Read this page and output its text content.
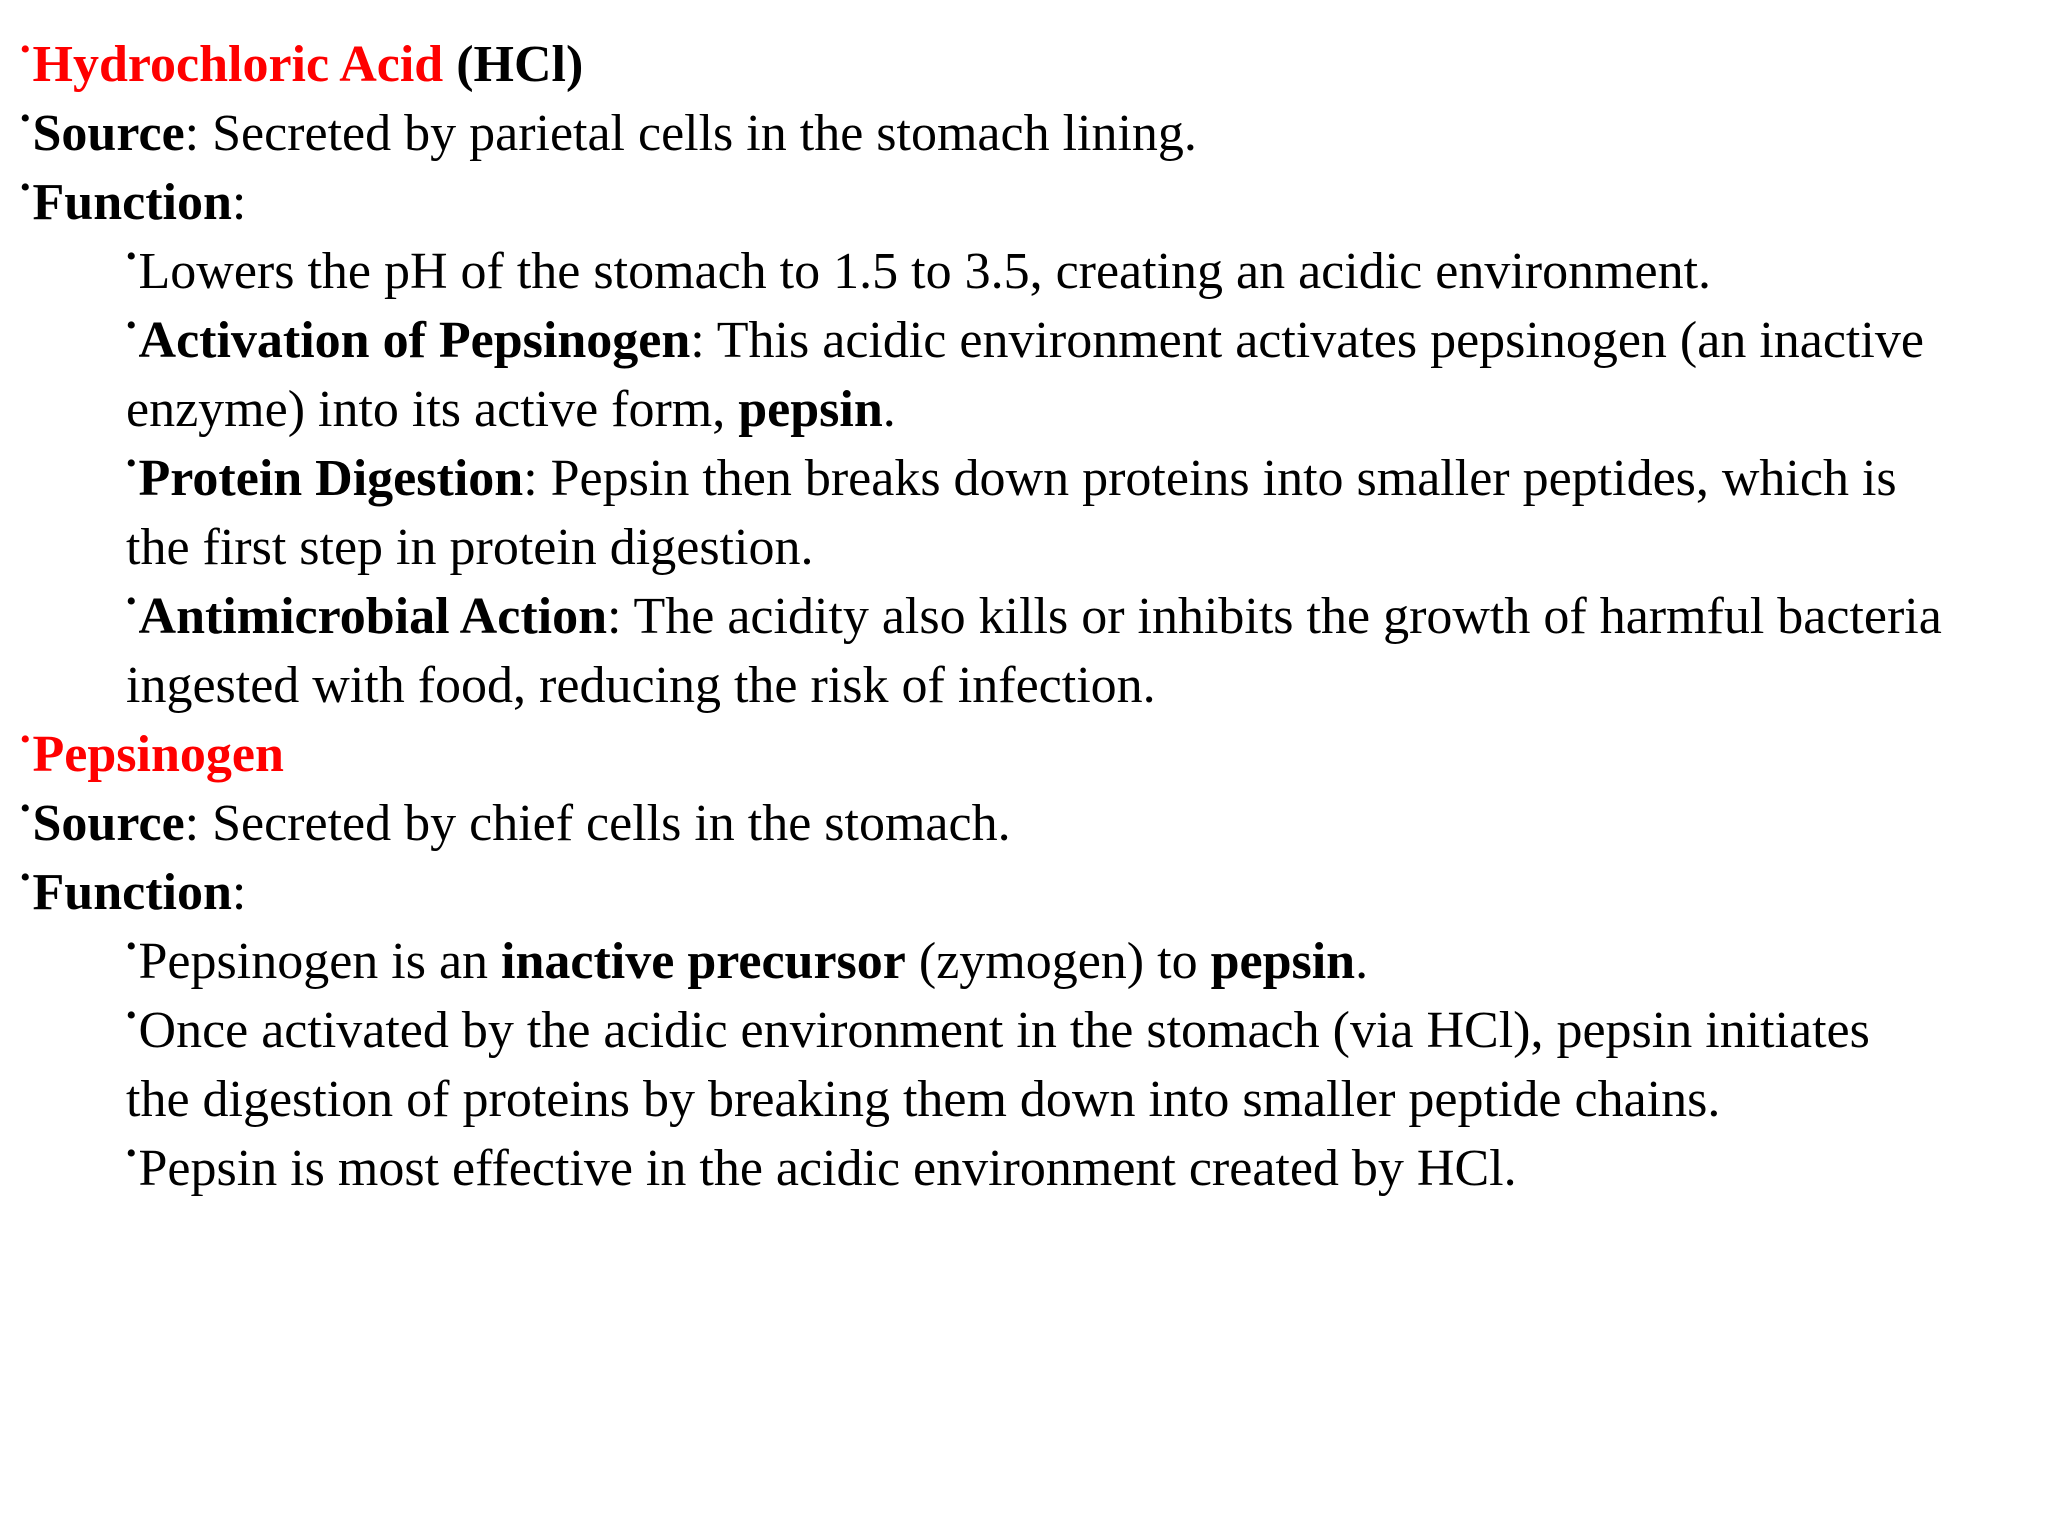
•Hydrochloric Acid (HCl)

•Source: Secreted by parietal cells in the stomach lining.

•Function:

•Lowers the pH of the stomach to 1.5 to 3.5, creating an acidic environment.

•Activation of Pepsinogen: This acidic environment activates pepsinogen (an inactive enzyme) into its active form, pepsin.

•Protein Digestion: Pepsin then breaks down proteins into smaller peptides, which is the first step in protein digestion.

•Antimicrobial Action: The acidity also kills or inhibits the growth of harmful bacteria ingested with food, reducing the risk of infection.

•Pepsinogen

•Source: Secreted by chief cells in the stomach.

•Function:

•Pepsinogen is an inactive precursor (zymogen) to pepsin.

•Once activated by the acidic environment in the stomach (via HCl), pepsin initiates the digestion of proteins by breaking them down into smaller peptide chains.

•Pepsin is most effective in the acidic environment created by HCl.
